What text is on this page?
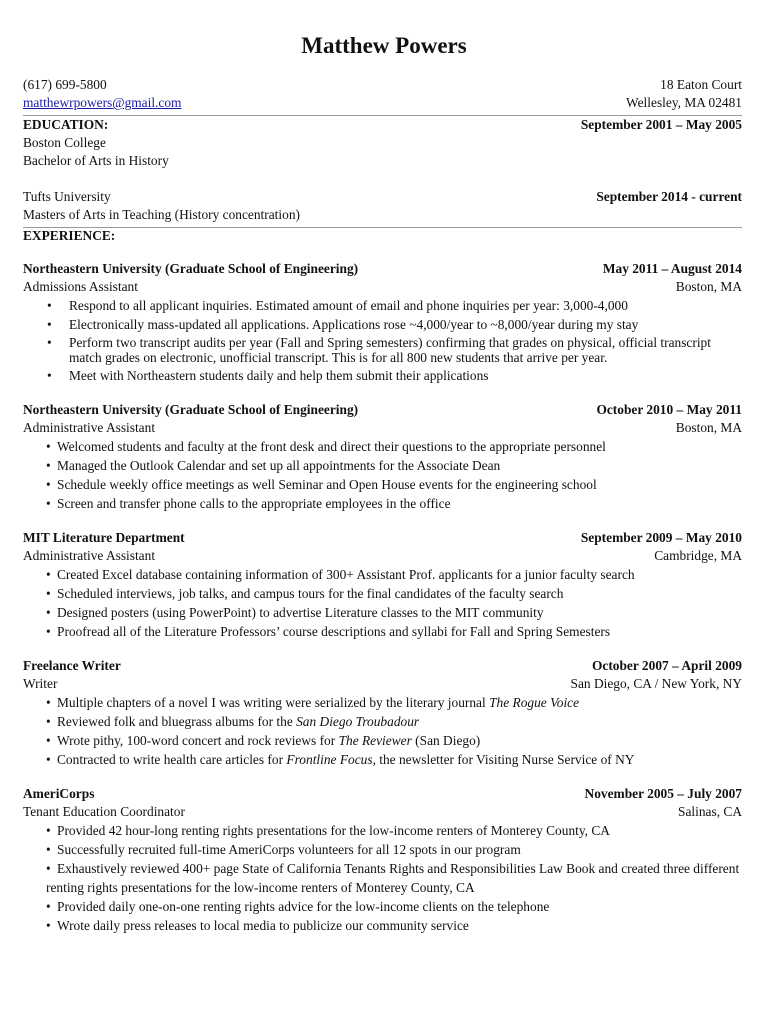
Matthew Powers
(617) 699-5800	18 Eaton Court
matthewrpowers@gmail.com	Wellesley, MA 02481
EDUCATION:	September 2001 – May 2005
Boston College
Bachelor of Arts in History
Tufts University	September 2014 - current
Masters of Arts in Teaching (History concentration)
EXPERIENCE:
Northeastern University (Graduate School of Engineering)	May 2011 – August 2014
Admissions Assistant	Boston, MA
• Respond to all applicant inquiries. Estimated amount of email and phone inquiries per year: 3,000-4,000
• Electronically mass-updated all applications. Applications rose ~4,000/year to ~8,000/year during my stay
• Perform two transcript audits per year (Fall and Spring semesters) confirming that grades on physical, official transcript match grades on electronic, unofficial transcript. This is for all 800 new students that arrive per year.
• Meet with Northeastern students daily and help them submit their applications
Northeastern University (Graduate School of Engineering)	October 2010 – May 2011
Administrative Assistant	Boston, MA
• Welcomed students and faculty at the front desk and direct their questions to the appropriate personnel
• Managed the Outlook Calendar and set up all appointments for the Associate Dean
• Schedule weekly office meetings as well Seminar and Open House events for the engineering school
• Screen and transfer phone calls to the appropriate employees in the office
MIT Literature Department	September 2009 – May 2010
Administrative Assistant	Cambridge, MA
• Created Excel database containing information of 300+ Assistant Prof. applicants for a junior faculty search
• Scheduled interviews, job talks, and campus tours for the final candidates of the faculty search
• Designed posters (using PowerPoint) to advertise Literature classes to the MIT community
• Proofread all of the Literature Professors’ course descriptions and syllabi for Fall and Spring Semesters
Freelance Writer	October 2007 – April 2009
Writer	San Diego, CA / New York, NY
• Multiple chapters of a novel I was writing were serialized by the literary journal The Rogue Voice
• Reviewed folk and bluegrass albums for the San Diego Troubadour
• Wrote pithy, 100-word concert and rock reviews for The Reviewer (San Diego)
• Contracted to write health care articles for Frontline Focus, the newsletter for Visiting Nurse Service of NY
AmeriCorps	November 2005 – July 2007
Tenant Education Coordinator	Salinas, CA
• Provided 42 hour-long renting rights presentations for the low-income renters of Monterey County, CA
• Successfully recruited full-time AmeriCorps volunteers for all 12 spots in our program
• Exhaustively reviewed 400+ page State of California Tenants Rights and Responsibilities Law Book and created three different renting rights presentations for the low-income renters of Monterey County, CA
• Provided daily one-on-one renting rights advice for the low-income clients on the telephone
• Wrote daily press releases to local media to publicize our community service
